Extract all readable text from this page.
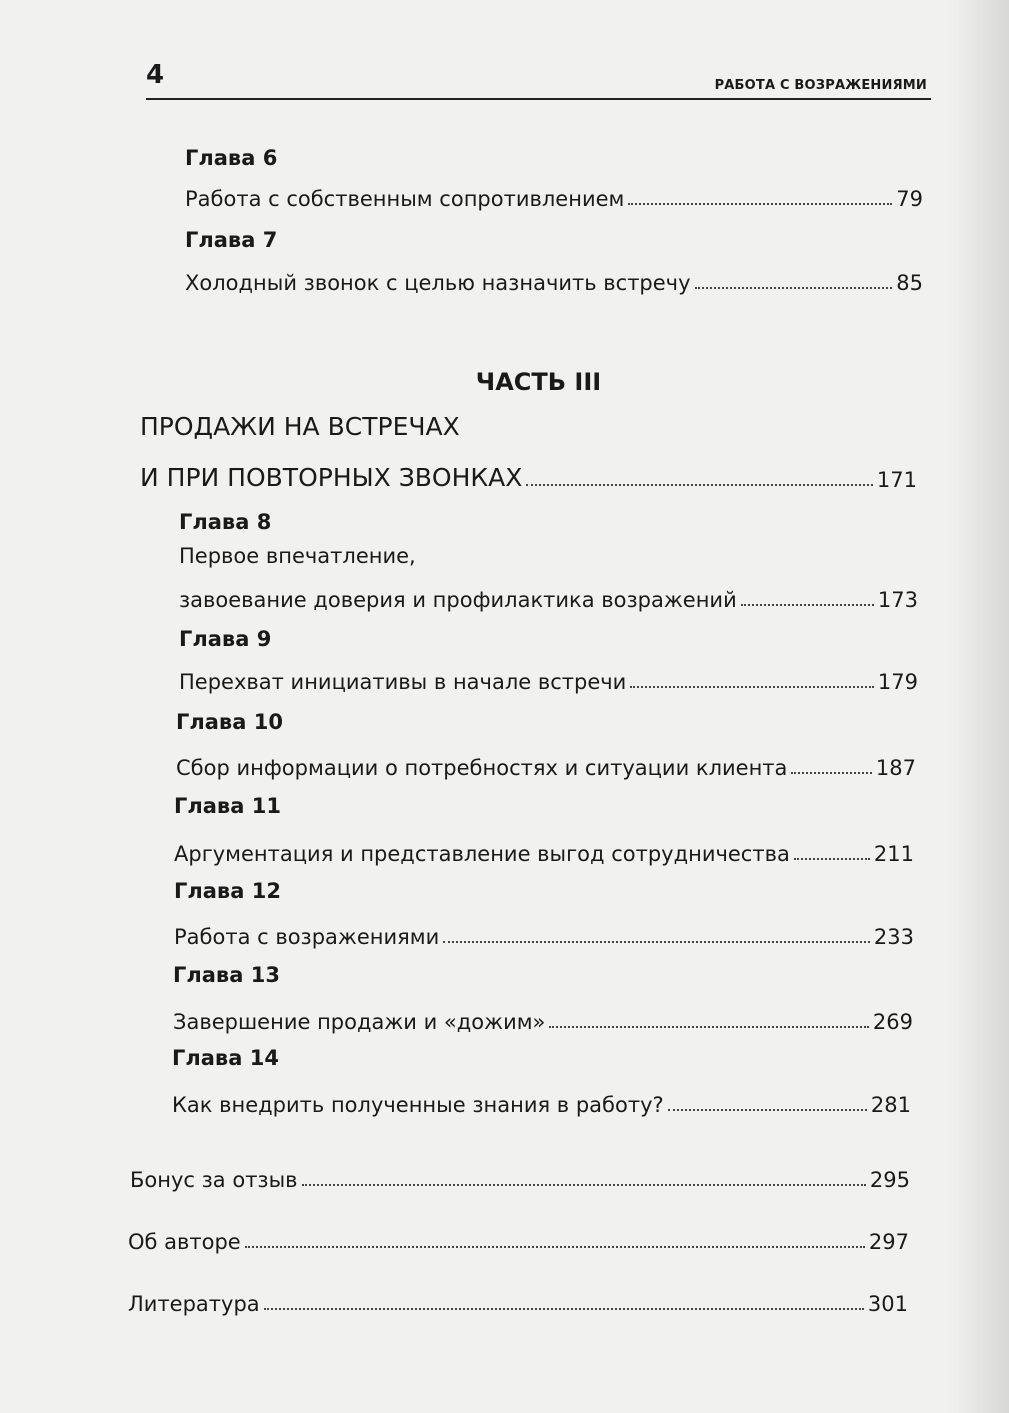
4	РАБОТА С ВОЗРАЖЕНИЯМИ
Глава 6
Работа с собственным сопротивлением	79
Глава 7
Холодный звонок с целью назначить встречу	85
ЧАСТЬ III
ПРОДАЖИ НА ВСТРЕЧАХ
И ПРИ ПОВТОРНЫХ ЗВОНКАХ	171
Глава 8
Первое впечатление,
завоевание доверия и профилактика возражений	173
Глава 9
Перехват инициативы в начале встречи	179
Глава 10
Сбор информации о потребностях и ситуации клиента	187
Глава 11
Аргументация и представление выгод сотрудничества	211
Глава 12
Работа с возражениями	233
Глава 13
Завершение продажи и «дожим»	269
Глава 14
Как внедрить полученные знания в работу?	281
Бонус за отзыв	295
Об авторе	297
Литература	301
